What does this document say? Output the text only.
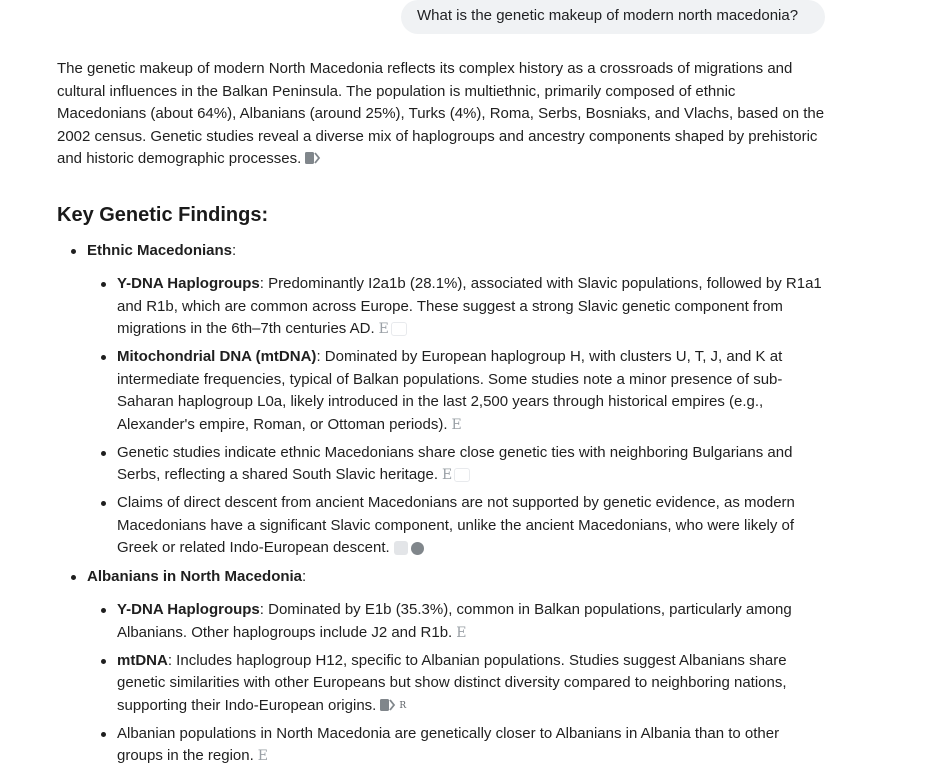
What is the genetic makeup of modern north macedonia?

The genetic makeup of modern North Macedonia reflects its complex history as a crossroads of migrations and cultural influences in the Balkan Peninsula. The population is multiethnic, primarily composed of ethnic Macedonians (about 64%), Albanians (around 25%), Turks (4%), Roma, Serbs, Bosniaks, and Vlachs, based on the 2002 census. Genetic studies reveal a diverse mix of haplogroups and ancestry components shaped by prehistoric and historic demographic processes.

Key Genetic Findings:
Ethnic Macedonians:
Y-DNA Haplogroups: Predominantly I2a1b (28.1%), associated with Slavic populations, followed by R1a1 and R1b, which are common across Europe. These suggest a strong Slavic genetic component from migrations in the 6th–7th centuries AD. E
Mitochondrial DNA (mtDNA): Dominated by European haplogroup H, with clusters U, T, J, and K at intermediate frequencies, typical of Balkan populations. Some studies note a minor presence of sub-Saharan haplogroup L0a, likely introduced in the last 2,500 years through historical empires (e.g., Alexander's empire, Roman, or Ottoman periods). E
Genetic studies indicate ethnic Macedonians share close genetic ties with neighboring Bulgarians and Serbs, reflecting a shared South Slavic heritage. E
Claims of direct descent from ancient Macedonians are not supported by genetic evidence, as modern Macedonians have a significant Slavic component, unlike the ancient Macedonians, who were likely of Greek or related Indo-European descent.
Albanians in North Macedonia:
Y-DNA Haplogroups: Dominated by E1b (35.3%), common in Balkan populations, particularly among Albanians. Other haplogroups include J2 and R1b. E
mtDNA: Includes haplogroup H12, specific to Albanian populations. Studies suggest Albanians share genetic similarities with other Europeans but show distinct diversity compared to neighboring nations, supporting their Indo-European origins.	R
Albanian populations in North Macedonia are genetically closer to Albanians in Albania than to other groups in the region. E
